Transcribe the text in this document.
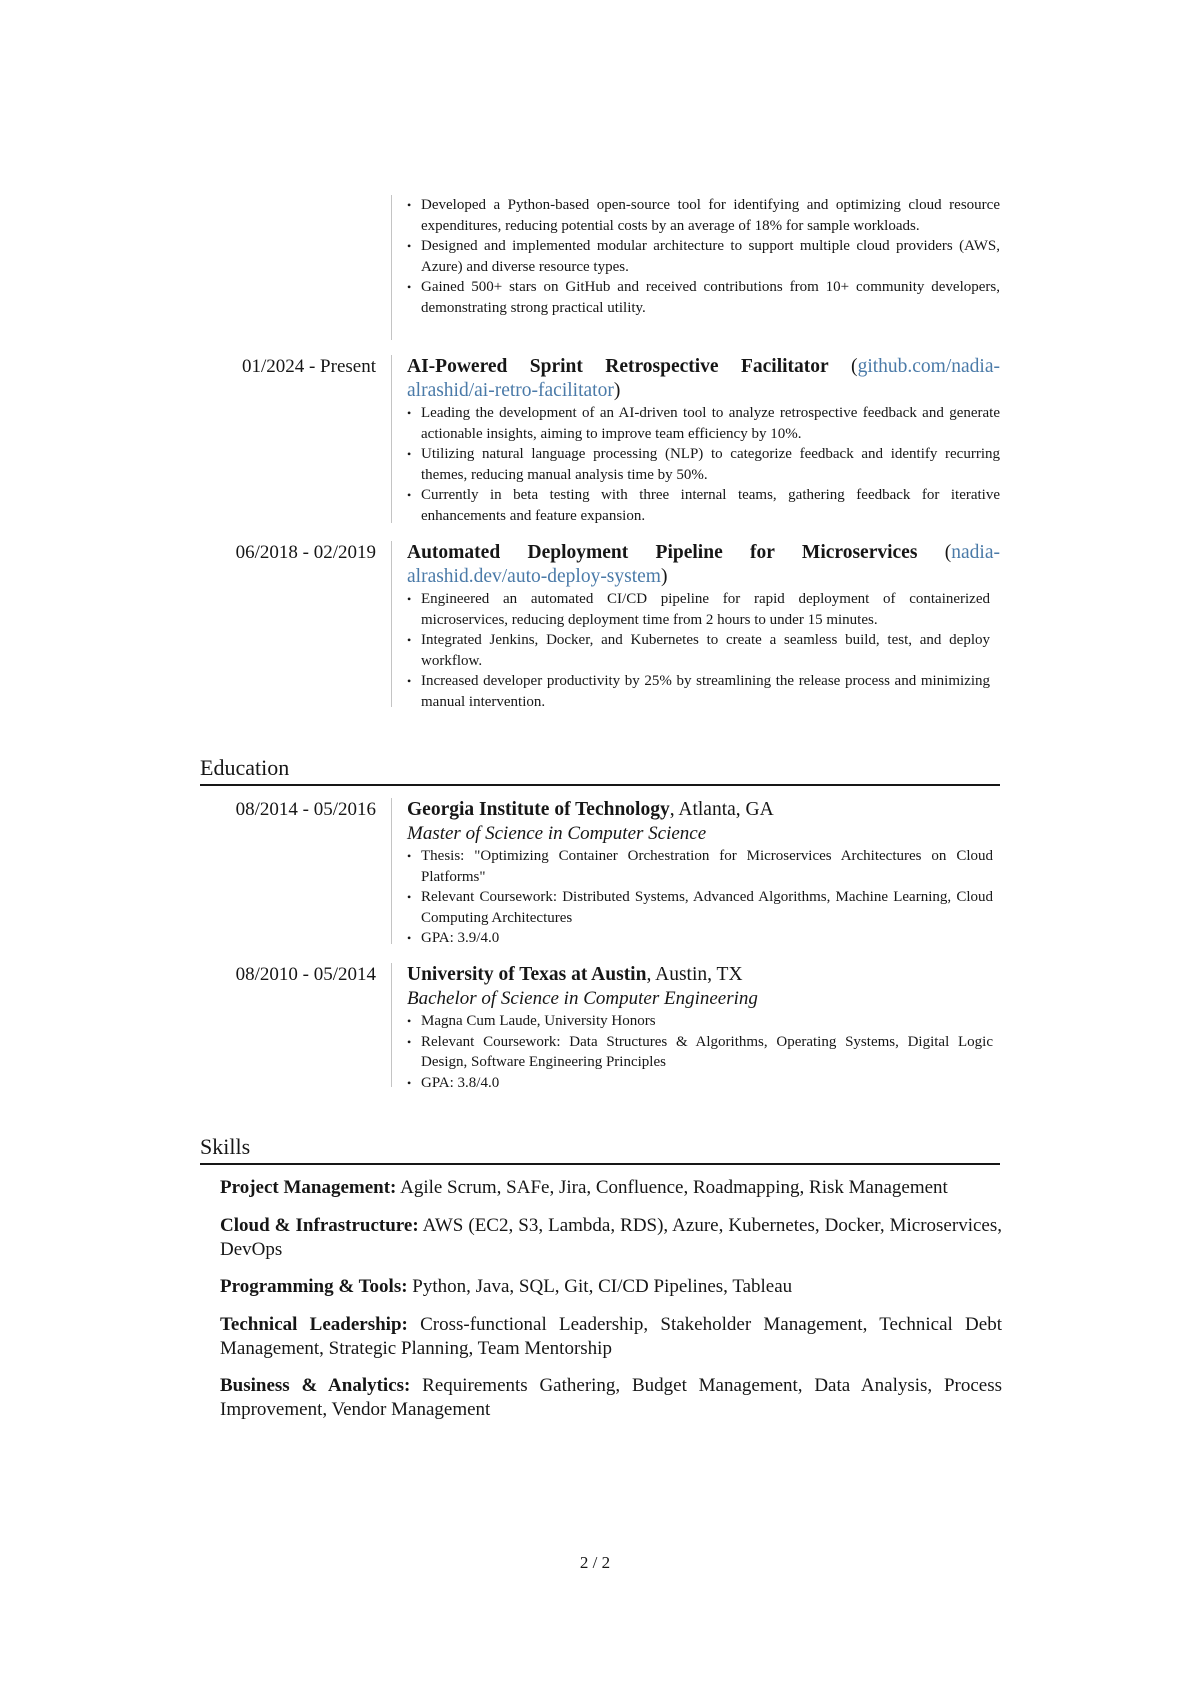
• Developed a Python-based open-source tool for identifying and optimizing cloud resource expenditures, reducing potential costs by an average of 18% for sample workloads.
• Designed and implemented modular architecture to support multiple cloud providers (AWS, Azure) and diverse resource types.
• Gained 500+ stars on GitHub and received contributions from 10+ community developers, demonstrating strong practical utility.
01/2024 - Present AI-Powered Sprint Retrospective Facilitator (github.com/nadia-alrashid/ai-retro-facilitator)
• Leading the development of an AI-driven tool to analyze retrospective feedback and generate actionable insights, aiming to improve team efficiency by 10%.
• Utilizing natural language processing (NLP) to categorize feedback and identify recurring themes, reducing manual analysis time by 50%.
• Currently in beta testing with three internal teams, gathering feedback for iterative enhancements and feature expansion.
06/2018 - 02/2019 Automated Deployment Pipeline for Microservices (nadia-alrashid.dev/auto-deploy-system)
• Engineered an automated CI/CD pipeline for rapid deployment of containerized microservices, reducing deployment time from 2 hours to under 15 minutes.
• Integrated Jenkins, Docker, and Kubernetes to create a seamless build, test, and deploy workflow.
• Increased developer productivity by 25% by streamlining the release process and minimizing manual intervention.
Education
08/2014 - 05/2016 Georgia Institute of Technology, Atlanta, GA
Master of Science in Computer Science
• Thesis: "Optimizing Container Orchestration for Microservices Architectures on Cloud Platforms"
• Relevant Coursework: Distributed Systems, Advanced Algorithms, Machine Learning, Cloud Computing Architectures
• GPA: 3.9/4.0
08/2010 - 05/2014 University of Texas at Austin, Austin, TX
Bachelor of Science in Computer Engineering
• Magna Cum Laude, University Honors
• Relevant Coursework: Data Structures & Algorithms, Operating Systems, Digital Logic Design, Software Engineering Principles
• GPA: 3.8/4.0
Skills
Project Management: Agile Scrum, SAFe, Jira, Confluence, Roadmapping, Risk Management
Cloud & Infrastructure: AWS (EC2, S3, Lambda, RDS), Azure, Kubernetes, Docker, Microservices, DevOps
Programming & Tools: Python, Java, SQL, Git, CI/CD Pipelines, Tableau
Technical Leadership: Cross-functional Leadership, Stakeholder Management, Technical Debt Management, Strategic Planning, Team Mentorship
Business & Analytics: Requirements Gathering, Budget Management, Data Analysis, Process Improvement, Vendor Management
2 / 2
